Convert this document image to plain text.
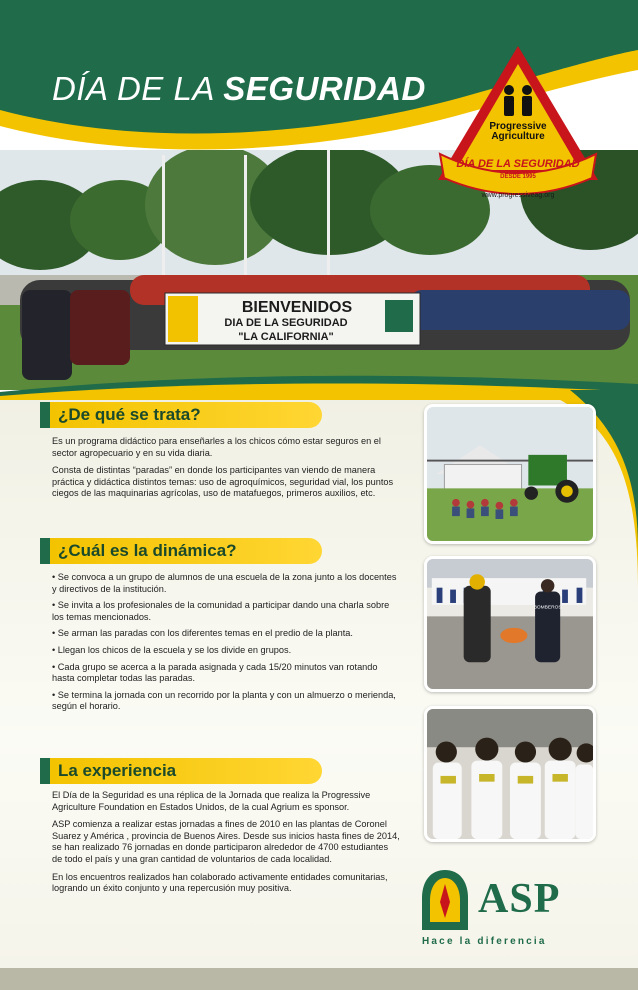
DÍA DE LA SEGURIDAD
BIENVENIDOS
DIA DE LA SEGURIDAD
"LA CALIFORNIA"
Progressive
Agriculture
DÍA DE LA SEGURIDAD
DESDE 1995
www.progressiveag.org
¿De qué se trata?
Es un programa didáctico para enseñarles a los chicos cómo estar seguros en el sector agropecuario y en su vida diaria.
Consta de distintas “paradas” en donde los participantes van viendo de manera práctica y didáctica distintos temas: uso de agroquímicos, seguridad vial, los puntos ciegos de las maquinarias agrícolas, uso de matafuegos, primeros auxilios, etc.
¿Cuál es la dinámica?
• Se convoca a un grupo de alumnos de una escuela de la zona junto a los docentes y directivos de la institución.
• Se invita a los profesionales de la comunidad a participar dando una charla sobre los temas mencionados.
• Se arman las paradas con los diferentes temas en el predio de la planta.
• Llegan los chicos de la escuela y se los divide en grupos.
• Cada grupo se acerca a la parada asignada y cada 15/20 minutos van rotando hasta completar todas las paradas.
• Se termina la jornada con un recorrido por la planta y con un almuerzo o merienda, según el horario.
La experiencia
El Día de la Seguridad es una réplica de la Jornada que realiza la Progressive Agriculture Foundation en Estados Unidos, de la cual Agrium es sponsor.
ASP comienza a realizar estas jornadas a fines de 2010 en las plantas de Coronel Suarez y América , provincia de Buenos Aires. Desde sus inicios hasta fines de 2014, se han realizado 76 jornadas en donde participaron alrededor de 4700 estudiantes de todo el país y una gran cantidad de voluntarios de cada localidad.
En los encuentros realizados han colaborado activamente entidades comunitarias, logrando un éxito conjunto y una repercusión muy positiva.
BOMBEROS
ASP
Hace la diferencia
